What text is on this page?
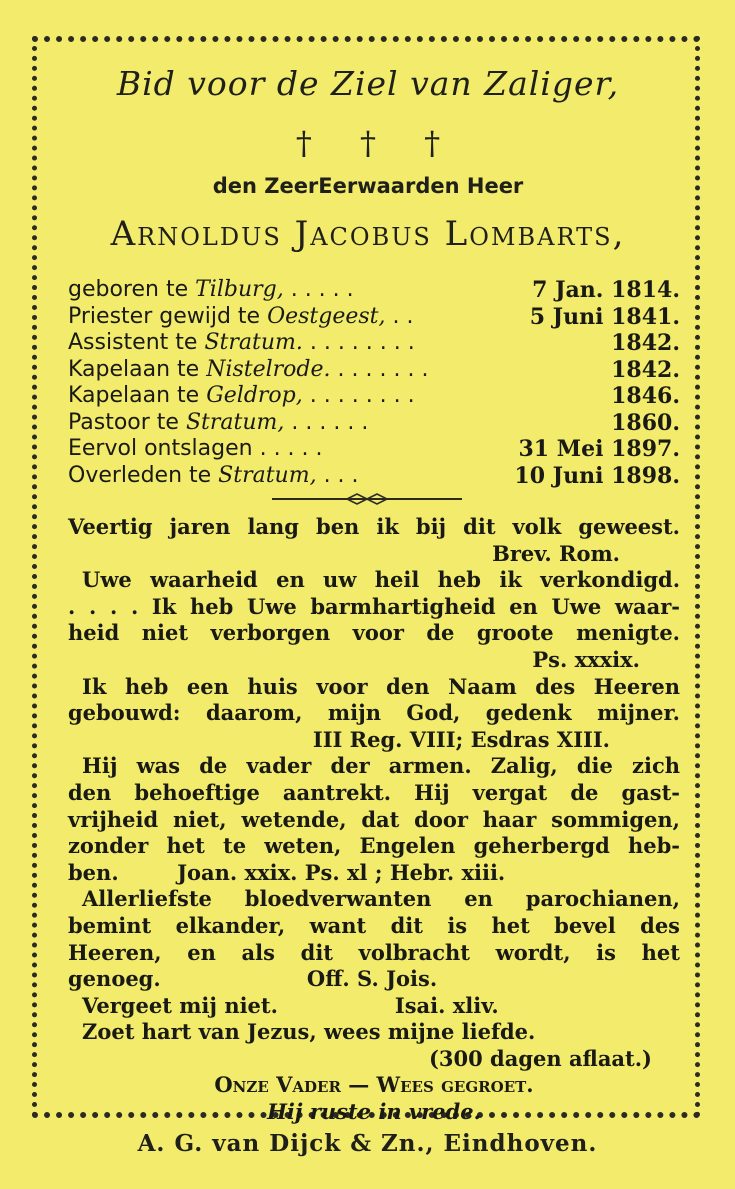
Bid voor de Ziel van Zaliger,
† † †
den ZeerEerwaarden Heer
Arnoldus Jacobus Lombarts,
geboren te Tilburg, . . . . .	7 Jan. 1814.
Priester gewijd te Oestgeest, . .	5 Juni 1841.
Assistent te Stratum. . . . . . . . .	1842.
Kapelaan te Nistelrode. . . . . . . .	1842.
Kapelaan te Geldrop, . . . . . . . .	1846.
Pastoor te Stratum, . . . . . .	1860.
Eervol ontslagen . . . . .	31 Mei 1897.
Overleden te Stratum, . . .	10 Juni 1898.
Veertig jaren lang ben ik bij dit volk geweest.
Brev. Rom.
Uwe waarheid en uw heil heb ik verkondigd.
. . . . Ik heb Uwe barmhartigheid en Uwe waar-
heid niet verborgen voor de groote menigte.
Ps. xxxix.
Ik heb een huis voor den Naam des Heeren
gebouwd: daarom, mijn God, gedenk mijner.
III Reg. VIII; Esdras XIII.
Hij was de vader der armen. Zalig, die zich
den behoeftige aantrekt. Hij vergat de gast-
vrijheid niet, wetende, dat door haar sommigen,
zonder het te weten, Engelen geherbergd heb-
ben.        Joan. xxix. Ps. xl ; Hebr. xiii.
Allerliefste bloedverwanten en parochianen,
bemint elkander, want dit is het bevel des
Heeren, en als dit volbracht wordt, is het
genoeg.                    Off. S. Jois.
Vergeet mij niet.                Isai. xliv.
Zoet hart van Jezus, wees mijne liefde.
(300 dagen aflaat.)
Onze Vader — Wees gegroet.
Hij ruste in vrede.
A. G. van Dijck & Zn., Eindhoven.
